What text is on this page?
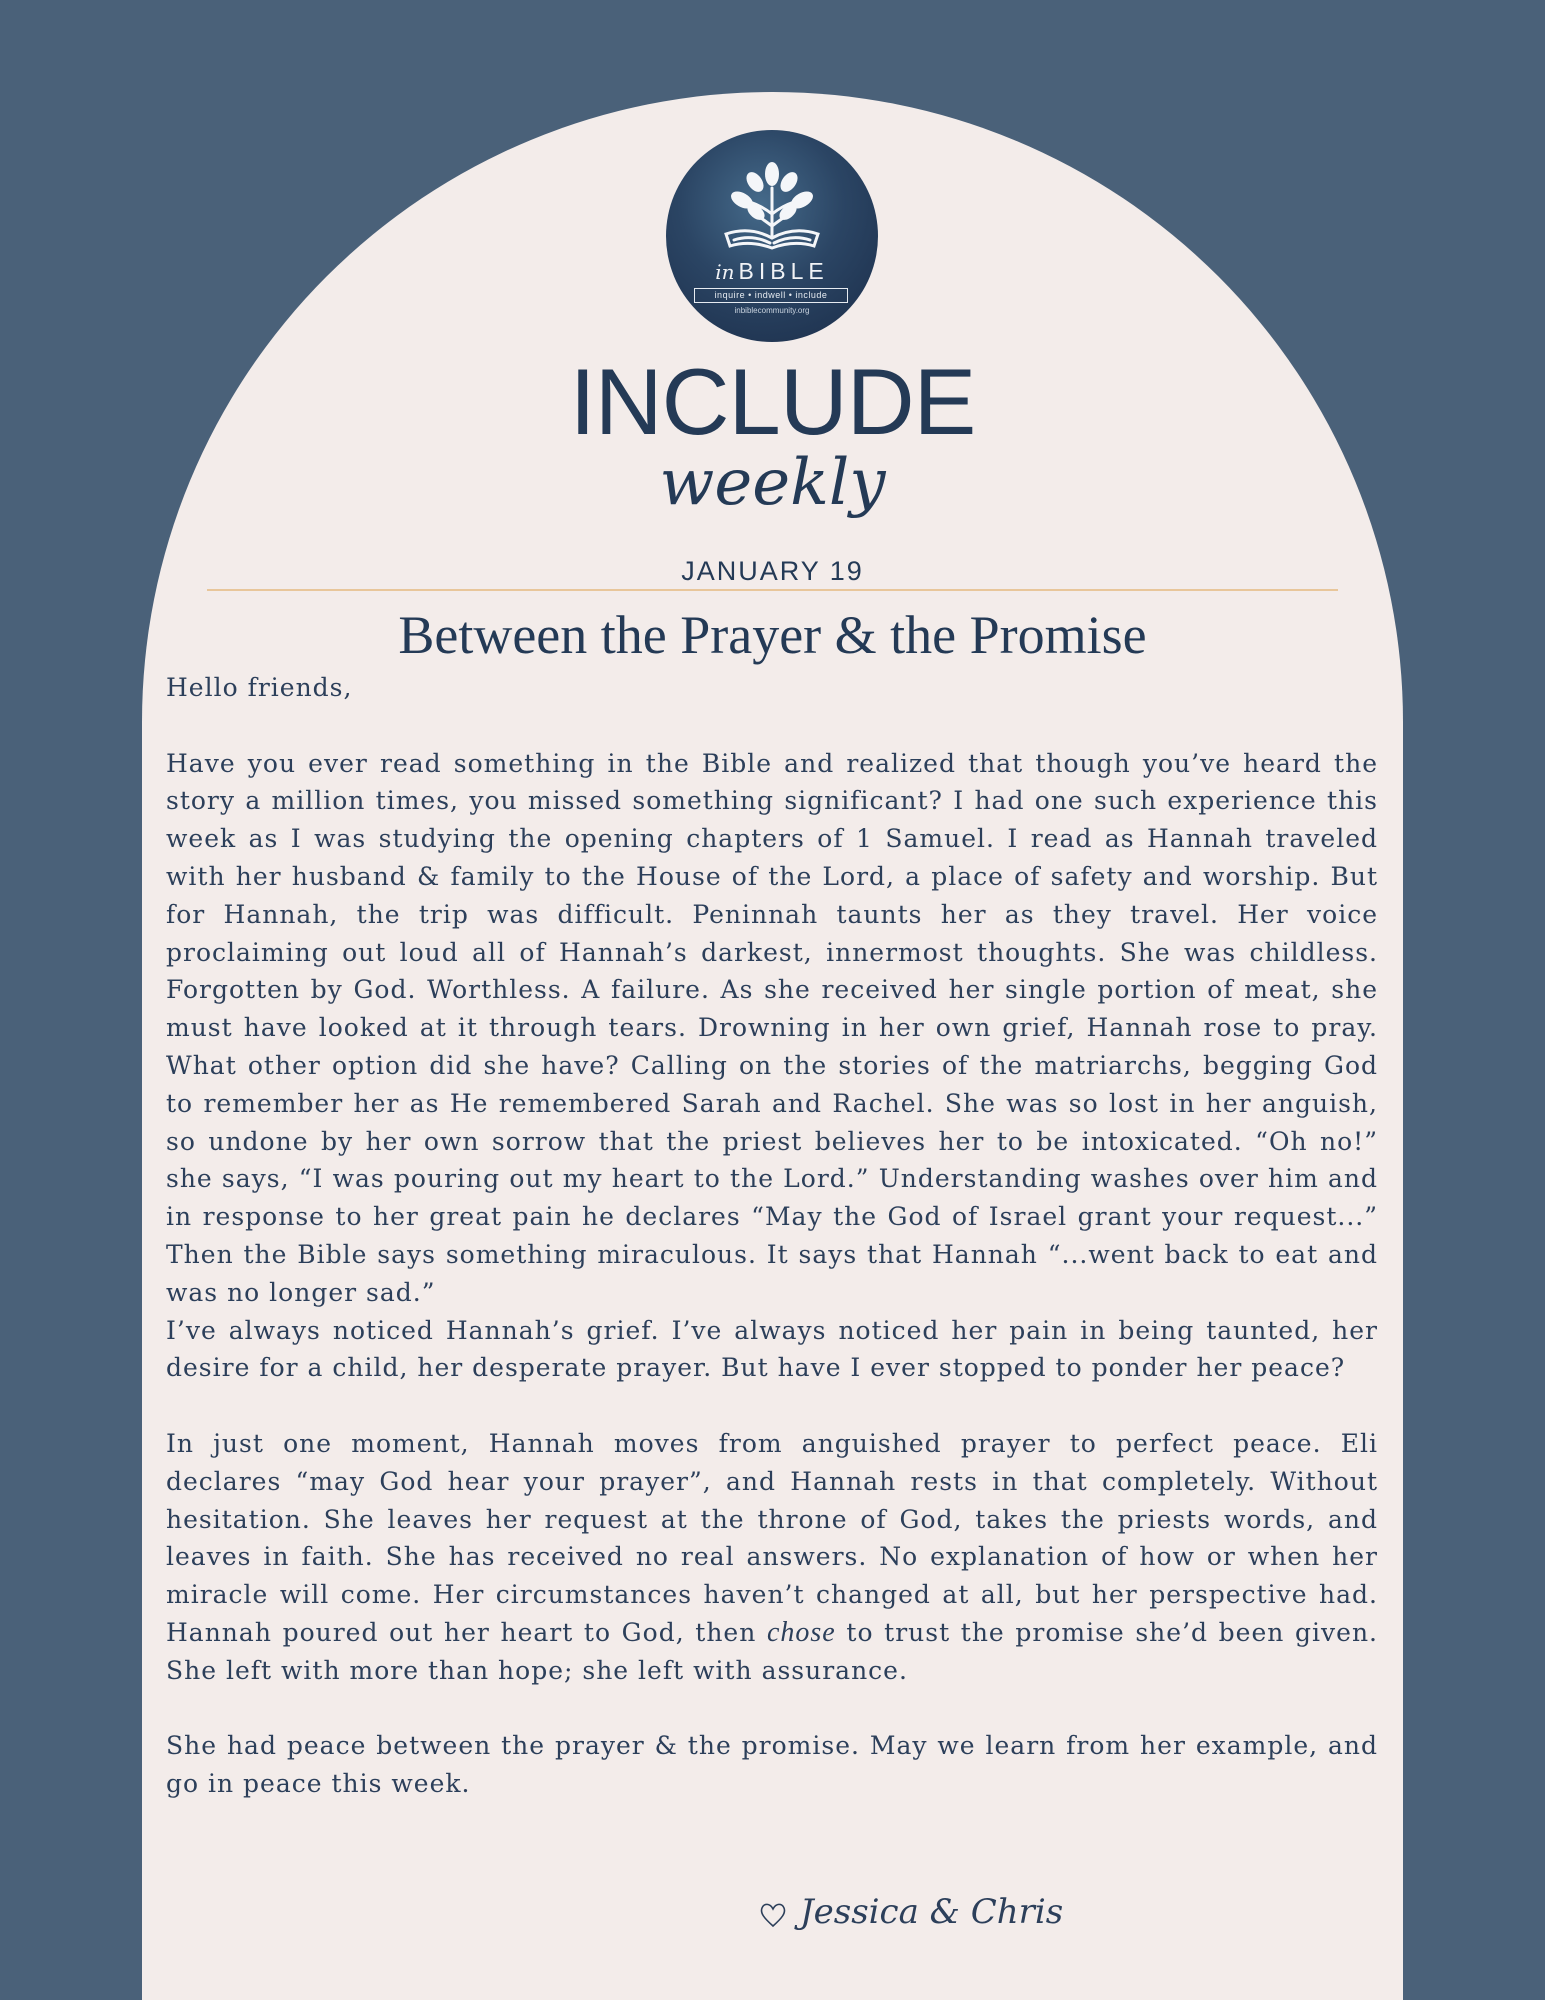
in BIBLE
inquire • indwell • include
inbiblecommunity.org
INCLUDE
weekly
JANUARY 19
Between the Prayer & the Promise

Hello friends,

Have you ever read something in the Bible and realized that though you’ve heard the story a million times, you missed something significant? I had one such experience this week as I was studying the opening chapters of 1 Samuel. I read as Hannah traveled with her husband & family to the House of the Lord, a place of safety and worship. But for Hannah, the trip was difficult. Peninnah taunts her as they travel. Her voice proclaiming out loud all of Hannah’s darkest, innermost thoughts. She was childless. Forgotten by God. Worthless. A failure. As she received her single portion of meat, she must have looked at it through tears. Drowning in her own grief, Hannah rose to pray. What other option did she have? Calling on the stories of the matriarchs, begging God to remember her as He remembered Sarah and Rachel. She was so lost in her anguish, so undone by her own sorrow that the priest believes her to be intoxicated. “Oh no!” she says, “I was pouring out my heart to the Lord.” Understanding washes over him and in response to her great pain he declares “May the God of Israel grant your request...” Then the Bible says something miraculous. It says that Hannah “...went back to eat and was no longer sad.”

I’ve always noticed Hannah’s grief. I’ve always noticed her pain in being taunted, her desire for a child, her desperate prayer. But have I ever stopped to ponder her peace?

In just one moment, Hannah moves from anguished prayer to perfect peace. Eli declares “may God hear your prayer”, and Hannah rests in that completely. Without hesitation. She leaves her request at the throne of God, takes the priests words, and leaves in faith. She has received no real answers. No explanation of how or when her miracle will come. Her circumstances haven’t changed at all, but her perspective had. Hannah poured out her heart to God, then chose to trust the promise she’d been given. She left with more than hope; she left with assurance.

She had peace between the prayer & the promise. May we learn from her example, and go in peace this week.

Jessica & Chris
